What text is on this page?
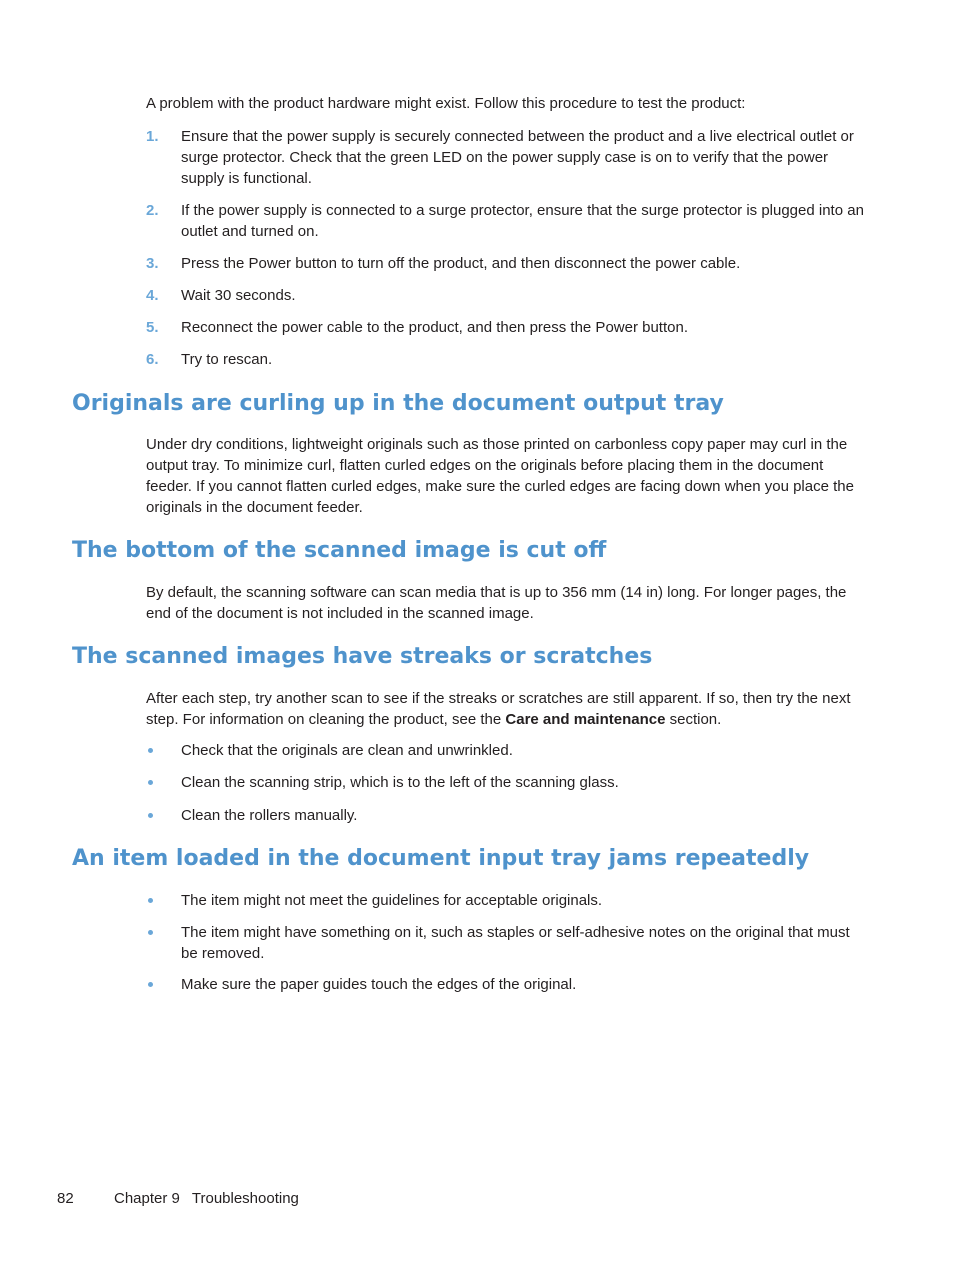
A problem with the product hardware might exist. Follow this procedure to test the product:

1.	Ensure that the power supply is securely connected between the product and a live electrical outlet or surge protector. Check that the green LED on the power supply case is on to verify that the power supply is functional.
2.	If the power supply is connected to a surge protector, ensure that the surge protector is plugged into an outlet and turned on.
3.	Press the Power button to turn off the product, and then disconnect the power cable.
4.	Wait 30 seconds.
5.	Reconnect the power cable to the product, and then press the Power button.
6.	Try to rescan.
Originals are curling up in the document output tray

Under dry conditions, lightweight originals such as those printed on carbonless copy paper may curl in the output tray. To minimize curl, flatten curled edges on the originals before placing them in the document feeder. If you cannot flatten curled edges, make sure the curled edges are facing down when you place the originals in the document feeder.

The bottom of the scanned image is cut off

By default, the scanning software can scan media that is up to 356 mm (14 in) long. For longer pages, the end of the document is not included in the scanned image.

The scanned images have streaks or scratches

After each step, try another scan to see if the streaks or scratches are still apparent. If so, then try the next step. For information on cleaning the product, see the Care and maintenance section.

Check that the originals are clean and unwrinkled.
Clean the scanning strip, which is to the left of the scanning glass.
Clean the rollers manually.
An item loaded in the document input tray jams repeatedly
The item might not meet the guidelines for acceptable originals.
The item might have something on it, such as staples or self-adhesive notes on the original that must be removed.
Make sure the paper guides touch the edges of the original.
82	Chapter 9 Troubleshooting
